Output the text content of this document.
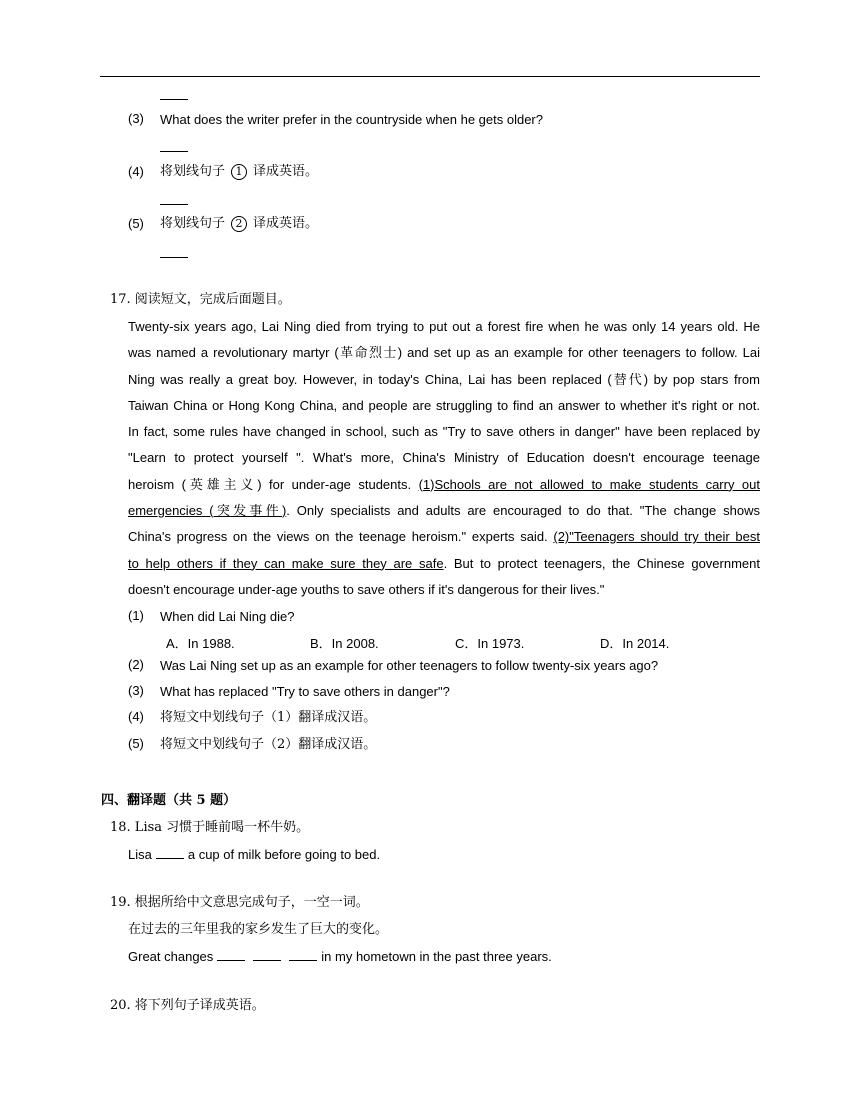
(3) What does the writer prefer in the countryside when he gets older?
(4) 将划线句子 1 译成英语。
(5) 将划线句子 2 译成英语。
17. 阅读短文，完成后面题目。
Twenty-six years ago, Lai Ning died from trying to put out a forest fire when he was only 14 years old. He
was named a revolutionary martyr (革命烈士) and set up as an example for other teenagers to follow. Lai
Ning was really a great boy. However, in today's China, Lai has been replaced (替代) by pop stars from
Taiwan China or Hong Kong China, and people are struggling to find an answer to whether it's right or not.
In fact, some rules have changed in school, such as "Try to save others in danger" have been replaced by
"Learn to protect yourself ". What's more, China's Ministry of Education doesn't encourage teenage
heroism (英雄主义) for under-age students. (1)Schools are not allowed to make students carry out
emergencies (突发事件). Only specialists and adults are encouraged to do that. "The change shows
China's progress on the views on the teenage heroism." experts said. (2)"Teenagers should try their best
to help others if they can make sure they are safe. But to protect teenagers, the Chinese government
doesn't encourage under-age youths to save others if it's dangerous for their lives."
(1) When did Lai Ning die?
A．In 1988.	B．In 2008.	C．In 1973.	D．In 2014.
(2) Was Lai Ning set up as an example for other teenagers to follow twenty-six years ago?
(3) What has replaced "Try to save others in danger"?
(4) 将短文中划线句子（1）翻译成汉语。
(5) 将短文中划线句子（2）翻译成汉语。
四、翻译题（共 5 题）
18. Lisa 习惯于睡前喝一杯牛奶。
Lisa	a cup of milk before going to bed.
19. 根据所给中文意思完成句子，一空一词。
在过去的三年里我的家乡发生了巨大的变化。
Great changes	in my hometown in the past three years.
20. 将下列句子译成英语。
